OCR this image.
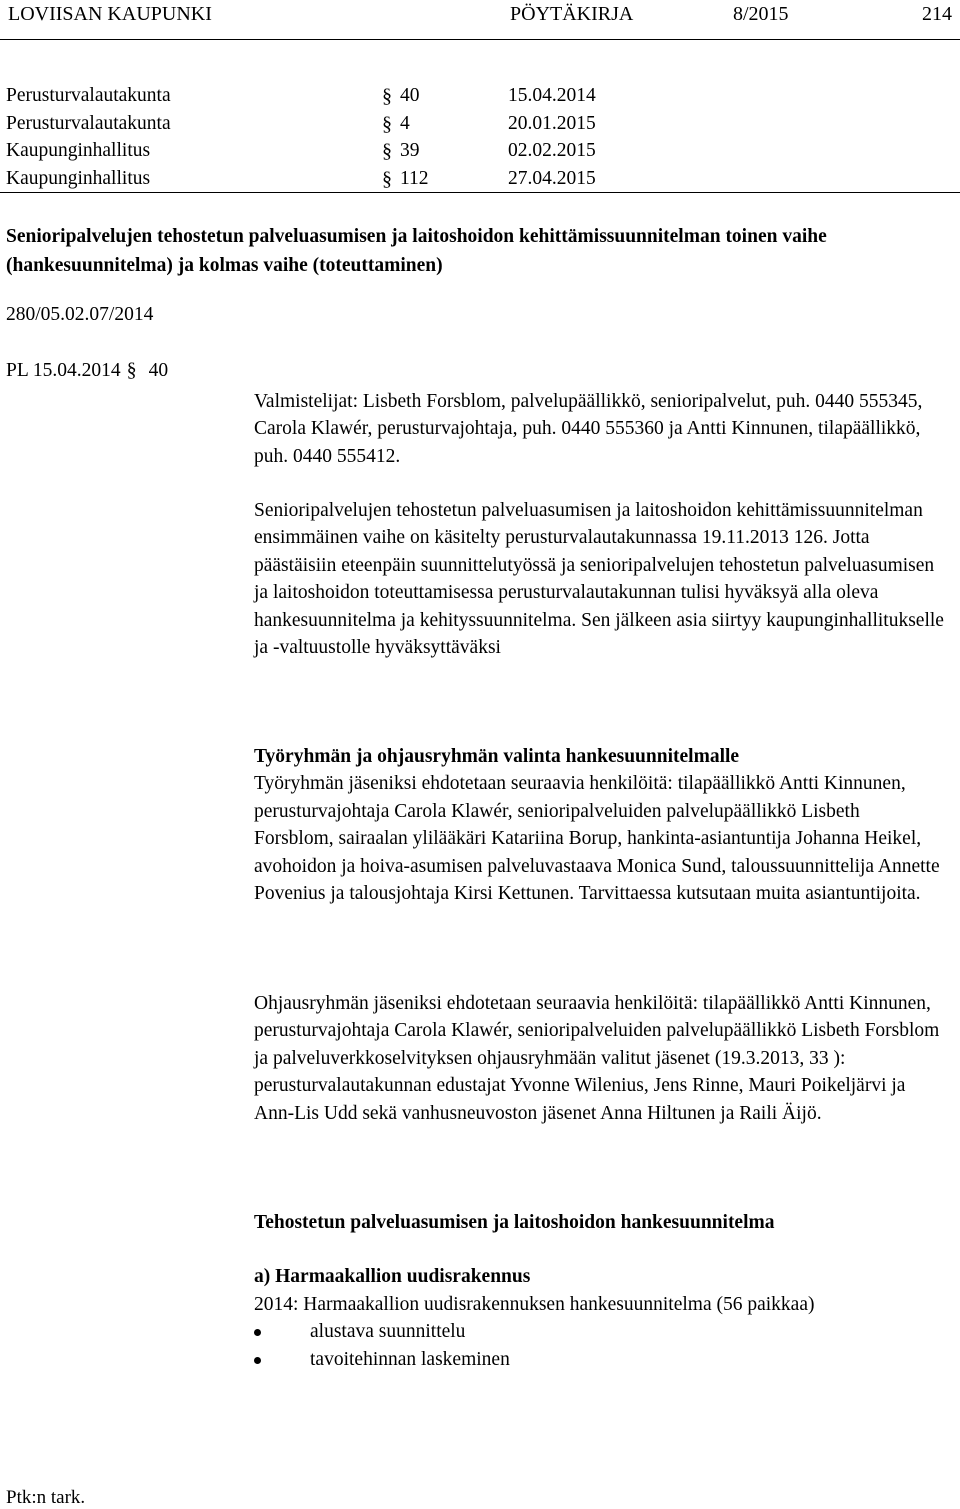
LOVIISAN KAUPUNKI	PÖYTÄKIRJA	8/2015	214
Perusturvalautakunta	§ 40	15.04.2014
Perusturvalautakunta	§ 4	20.01.2015
Kaupunginhallitus	§ 39	02.02.2015
Kaupunginhallitus	§ 112	27.04.2015
Senioripalvelujen tehostetun palveluasumisen ja laitoshoidon kehittämissuunnitelman toinen vaihe (hankesuunnitelma) ja kolmas vaihe (toteuttaminen)
280/05.02.07/2014
PL 15.04.2014 § 40

Valmistelijat: Lisbeth Forsblom, palvelupäällikkö, senioripalvelut, puh. 0440 555345, Carola Klawér, perusturvajohtaja, puh. 0440 555360 ja Antti Kinnunen, tilapäällikkö, puh. 0440 555412.

Senioripalvelujen tehostetun palveluasumisen ja laitoshoidon kehittämissuunnitelman ensimmäinen vaihe on käsitelty perusturvalautakunnassa 19.11.2013 126. Jotta päästäisiin eteenpäin suunnittelutyössä ja senioripalvelujen tehostetun palveluasumisen ja laitoshoidon toteuttamisessa perusturvalautakunnan tulisi hyväksyä alla oleva hankesuunnitelma ja kehityssuunnitelma. Sen jälkeen asia siirtyy kaupunginhallitukselle ja -valtuustolle hyväksyttäväksi

Työryhmän ja ohjausryhmän valinta hankesuunnitelmalle

Työryhmän jäseniksi ehdotetaan seuraavia henkilöitä: tilapäällikkö Antti Kinnunen, perusturvajohtaja Carola Klawér, senioripalveluiden palvelupäällikkö Lisbeth Forsblom, sairaalan ylilääkäri Katariina Borup, hankinta-asiantuntija Johanna Heikel, avohoidon ja hoiva-asumisen palveluvastaava Monica Sund, taloussuunnittelija Annette Povenius ja talousjohtaja Kirsi Kettunen. Tarvittaessa kutsutaan muita asiantuntijoita.

Ohjausryhmän jäseniksi ehdotetaan seuraavia henkilöitä: tilapäällikkö Antti Kinnunen, perusturvajohtaja Carola Klawér, senioripalveluiden palvelupäällikkö Lisbeth Forsblom ja palveluverkkoselvityksen ohjausryhmään valitut jäsenet (19.3.2013, 33 ): perusturvalautakunnan edustajat Yvonne Wilenius, Jens Rinne, Mauri Poikeljärvi ja Ann-Lis Udd sekä vanhusneuvoston jäsenet Anna Hiltunen ja Raili Äijö.

Tehostetun palveluasumisen ja laitoshoidon hankesuunnitelma

a) Harmaakallion uudisrakennus

2014: Harmaakallion uudisrakennuksen hankesuunnitelma (56 paikkaa)

alustava suunnittelu
tavoitehinnan laskeminen
Ptk:n tark.
